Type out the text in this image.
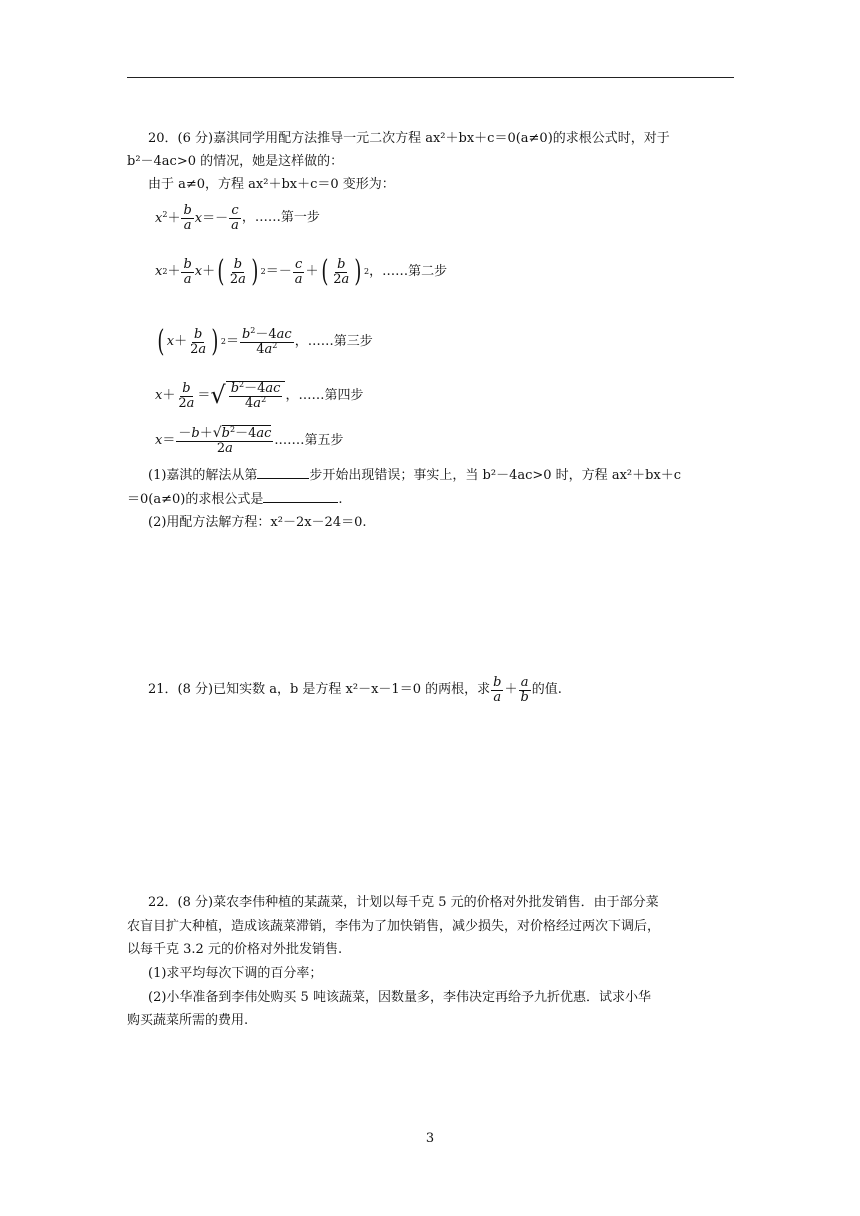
20．(6 分)嘉淇同学用配方法推导一元二次方程 ax²＋bx＋c＝0(a≠0)的求根公式时，对于
b²－4ac>0 的情况，她是这样做的：
由于 a≠0，方程 ax²＋bx＋c＝0 变形为：
$x^2+ \frac{b}{a} x=- \frac{c}{a}$ ，……第一步
x $2 + \frac{b}{a}$ x ＋ ( $\frac{b}{2a}$ ) $2 =- \frac{c}{a}$ ＋ ( $\frac{b}{2a}$ ) 2 ，……第二步
( $x + \frac{b}{2a}$ ) $2 = \frac{b^2-4ac}{4a^2}$ ，……第三步
$x + \frac{b}{2a}$ ＝ √ $\frac{b^2-4ac}{4a^2}$ ，……第四步
$x = \frac{-b+√b^2-4ac}{2a}$ .……第五步
(1)嘉淇的解法从第	步开始出现错误；事实上，当 b²－4ac>0 时，方程 ax²＋bx＋c
＝0(a≠0)的求根公式是	.
(2)用配方法解方程：x²－2x－24＝0.
21．(8 分)已知实数 a，b 是方程 x²－x－1＝0 的两根，求 $\frac{b}{a} + \frac{a}{b}$ 的值.
22．(8 分)菜农李伟种植的某蔬菜，计划以每千克 5 元的价格对外批发销售．由于部分菜
农盲目扩大种植，造成该蔬菜滞销，李伟为了加快销售，减少损失，对价格经过两次下调后，
以每千克 3.2 元的价格对外批发销售.
(1)求平均每次下调的百分率；
(2)小华准备到李伟处购买 5 吨该蔬菜，因数量多，李伟决定再给予九折优惠．试求小华
购买蔬菜所需的费用.
3
